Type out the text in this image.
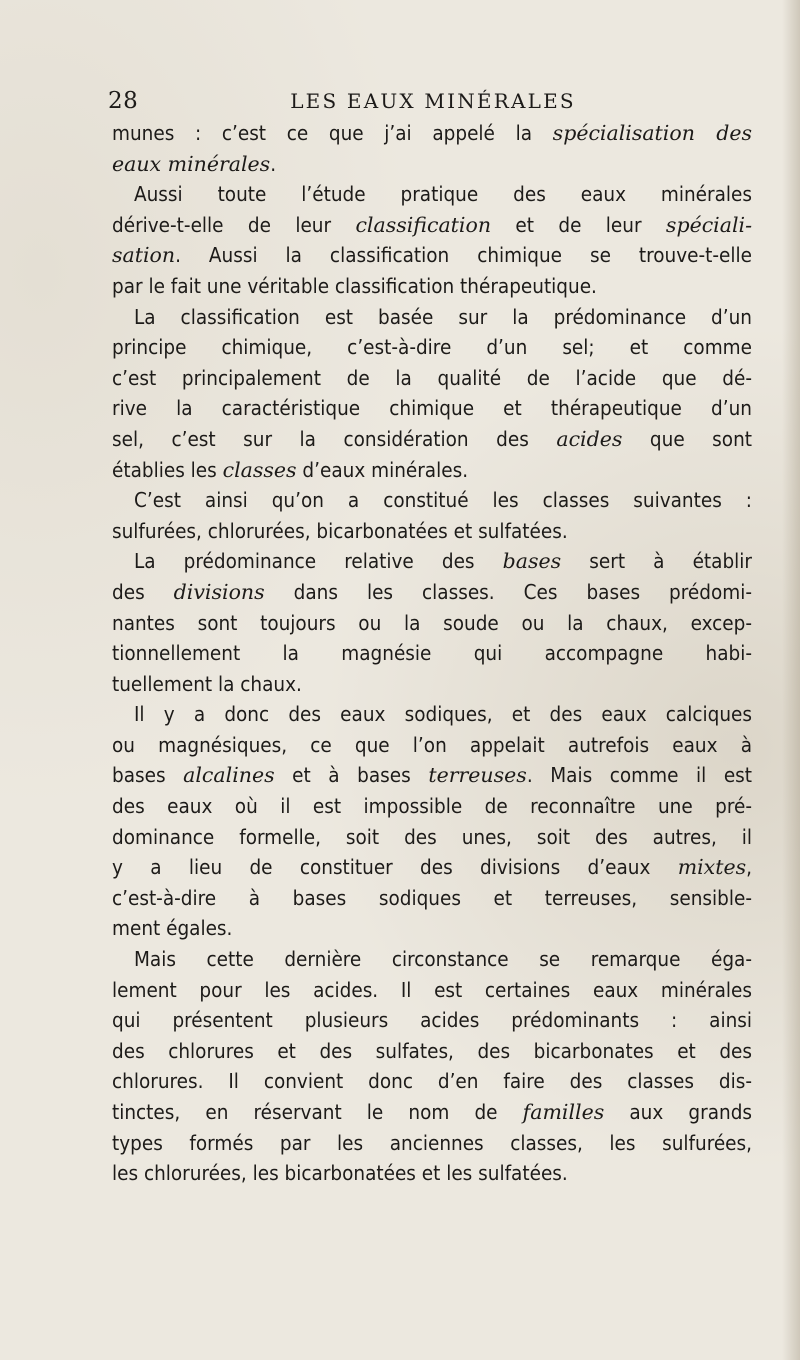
28	LES EAUX MINÉRALES
munes : c’est ce que j’ai appelé la spécialisation des
eaux minérales.
Aussi toute l’étude pratique des eaux minérales
dérive-t-elle de leur classification et de leur spéciali-
sation. Aussi la classification chimique se trouve-t-elle
par le fait une véritable classification thérapeutique.
La classification est basée sur la prédominance d’un
principe chimique, c’est-à-dire d’un sel; et comme
c’est principalement de la qualité de l’acide que dé-
rive la caractéristique chimique et thérapeutique d’un
sel, c’est sur la considération des acides que sont
établies les classes d’eaux minérales.
C’est ainsi qu’on a constitué les classes suivantes :
sulfurées, chlorurées, bicarbonatées et sulfatées.
La prédominance relative des bases sert à établir
des divisions dans les classes. Ces bases prédomi-
nantes sont toujours ou la soude ou la chaux, excep-
tionnellement la magnésie qui accompagne habi-
tuellement la chaux.
Il y a donc des eaux sodiques, et des eaux calciques
ou magnésiques, ce que l’on appelait autrefois eaux à
bases alcalines et à bases terreuses. Mais comme il est
des eaux où il est impossible de reconnaître une pré-
dominance formelle, soit des unes, soit des autres, il
y a lieu de constituer des divisions d’eaux mixtes,
c’est-à-dire à bases sodiques et terreuses, sensible-
ment égales.
Mais cette dernière circonstance se remarque éga-
lement pour les acides. Il est certaines eaux minérales
qui présentent plusieurs acides prédominants : ainsi
des chlorures et des sulfates, des bicarbonates et des
chlorures. Il convient donc d’en faire des classes dis-
tinctes, en réservant le nom de familles aux grands
types formés par les anciennes classes, les sulfurées,
les chlorurées, les bicarbonatées et les sulfatées.
